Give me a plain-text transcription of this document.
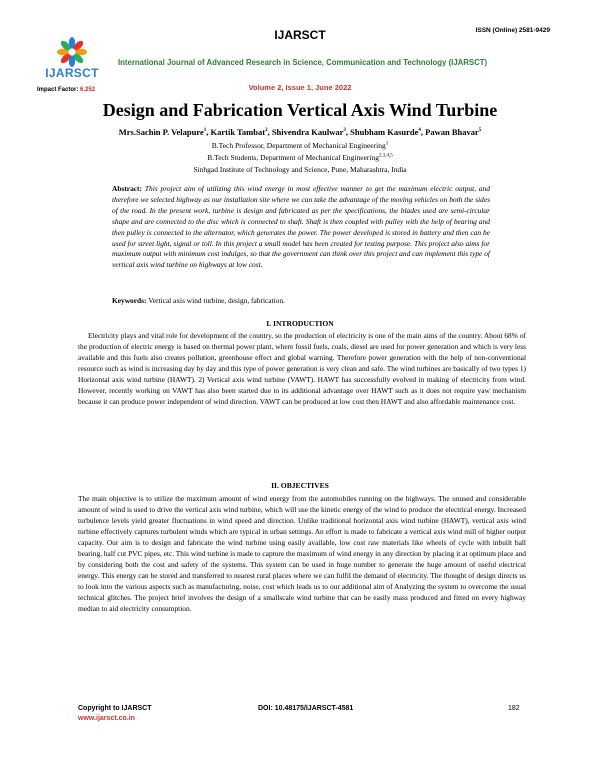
IJARSCT	ISSN (Online) 2581-9429
IJARSCT
Impact Factor: 6.252
International Journal of Advanced Research in Science, Communication and Technology (IJARSCT)
Volume 2, Issue 1, June 2022
Design and Fabrication Vertical Axis Wind Turbine
Mrs.Sachin P. Velapure$^1$, Kartik Tambat$^2$, Shivendra Kaulwar$^3$, Shubham Kasurde$^4$, Pawan Bhavar$^5$
B.Tech Professor, Department of Mechanical Engineering$^1$
B.Tech Students, Department of Mechanical Engineering$^{2,3,4,5}$
Sinhgad Institute of Technology and Science, Pune, Maharashtra, India
Abstract: This project aim of utilizing this wind energy in most effective manner to get the maximum electric output, and therefore we selected highway as our installation site where we can take the advantage of the moving vehicles on both the sides of the road. In the present work, turbine is design and fabricated as per the specifications, the blades used are semi-circular shape and are connected to the disc which is connected to shaft. Shaft is then coupled with pulley with the help of bearing and then pulley is connected to the alternator, which generates the power. The power developed is stored in battery and then can be used for street light, signal or toll. In this project a small model has been created for testing purpose. This project also aims for maximum output with minimum cost indulges, so that the government can think over this project and can implement this type of vertical axis wind turbine on highways at low cost.
Keywords: Vertical axis wind turbine, design, fabrication.
I. INTRODUCTION
Electricity plays and vital role for development of the country, so the production of electricity is one of the main aims of the country. About 68% of the production of electric energy is based on thermal power plant, where fossil fuels, coals, diesel are used for power generation and which is very less available and this fuels also creates pollution, greenhouse effect and global warning. Therefore power generation with the help of non-conventional resource such as wind is increasing day by day and this type of power generation is very clean and safe. The wind turbines are basically of two types 1) Horizontal axis wind turbine (HAWT). 2) Vertical axis wind turbine (VAWT). HAWT has successfully evolved in making of electricity from wind. However, recently working on VAWT has also been started due to its additional advantage over HAWT such as it does not require yaw mechanism because it can produce power independent of wind direction. VAWT can be produced at low cost then HAWT and also affordable maintenance cost.
II. OBJECTIVES
The main objective is to utilize the maximum amount of wind energy from the automobiles running on the highways. The unused and considerable amount of wind is used to drive the vertical axis wind turbine, which will use the kinetic energy of the wind to produce the electrical energy. Increased turbulence levels yield greater fluctuations in wind speed and direction. Unlike traditional horizontal axis wind turbine (HAWT), vertical axis wind turbine effectively captures turbulent winds which are typical in urban settings. An effort is made to fabricate a vertical axis wind mill of higher output capacity. Our aim is to design and fabricate the wind turbine using easily available, low cost raw materials like wheels of cycle with inbuilt ball bearing, half cut PVC pipes, etc. This wind turbine is made to capture the maximum of wind energy in any direction by placing it at optimum place and by considering both the cost and safety of the systems. This system can be used in huge number to generate the huge amount of useful electrical energy. This energy can be stored and transferred to nearest rural places where we can fulfil the demand of electricity. The thought of design directs us to look into the various aspects such as manufacturing, noise, cost which leads us to our additional aim of Analyzing the system to overcome the usual technical glitches. The project brief involves the design of a smallscale wind turbine that can be easily mass produced and fitted on every highway median to aid electricity consumption.
Copyright to IJARSCT
www.ijarsct.co.in
DOI: 10.48175/IJARSCT-4581	182
